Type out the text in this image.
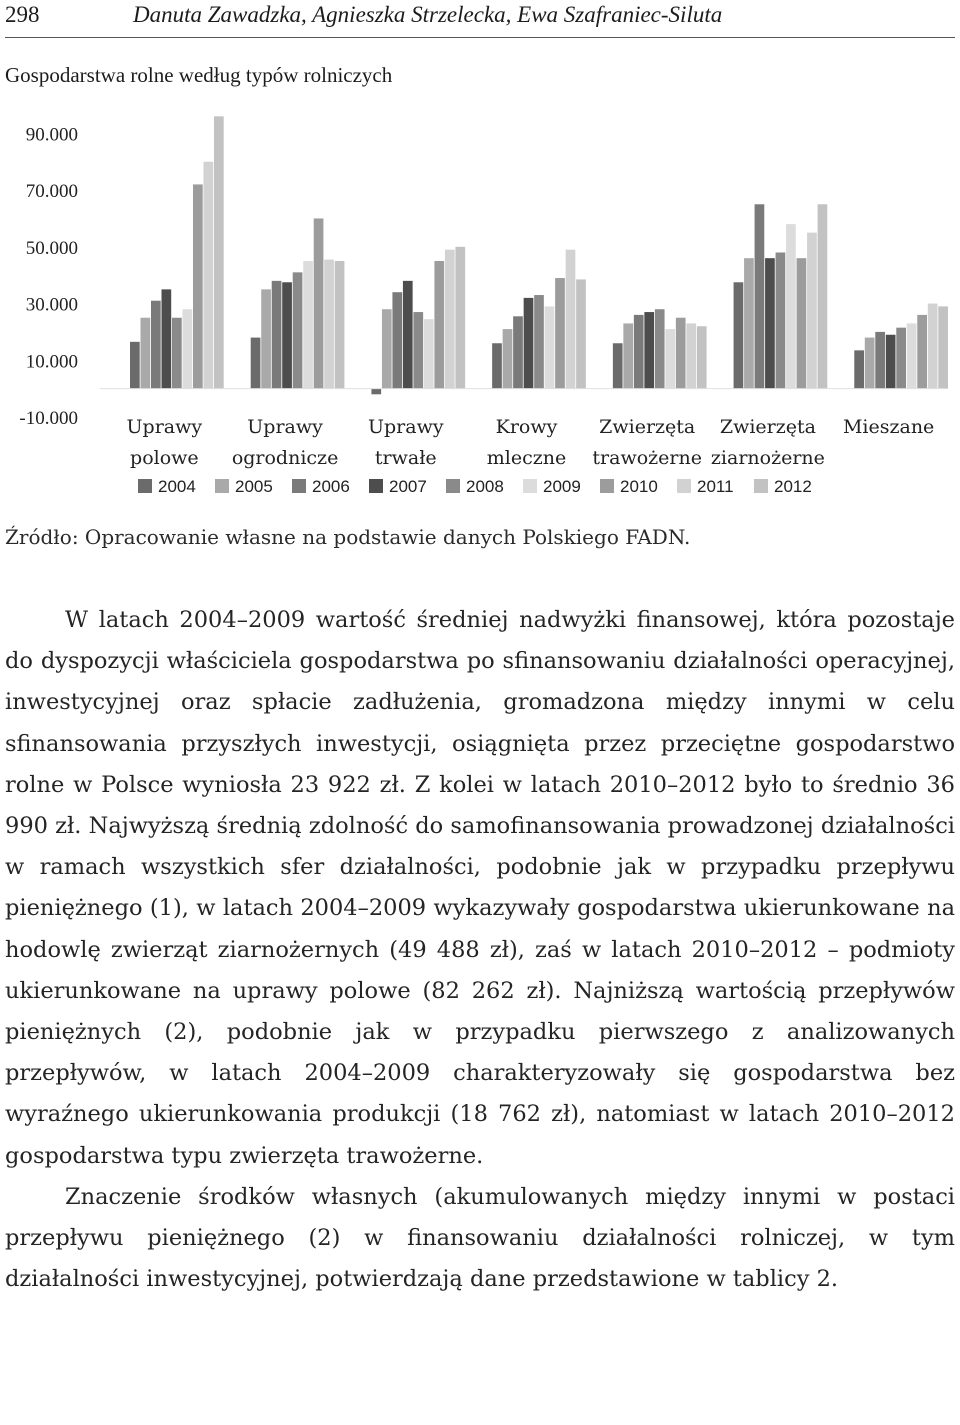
298	Danuta Zawadzka, Agnieszka Strzelecka, Ewa Szafraniec-Siluta
Gospodarstwa rolne według typów rolniczych
90.000
70.000
50.000
30.000
10.000
-10.000	Uprawy
polowe
Uprawy
ogrodnicze
Uprawy
trwałe
Krowy
mleczne
Zwierzęta
trawożerne
Zwierzęta
ziarnożerne
Mieszane
2004 2005 2006 2007 2008 2009 2010 2011 2012
Źródło: Opracowanie własne na podstawie danych Polskiego FADN.

W latach 2004–2009 wartość średniej nadwyżki finansowej, która pozostaje do dyspozycji właściciela gospodarstwa po sfinansowaniu działalności operacyjnej, inwestycyjnej oraz spłacie zadłużenia, gromadzona między innymi w celu sfinansowania przyszłych inwestycji, osiągnięta przez przeciętne gospodarstwo rolne w Polsce wyniosła 23 922 zł. Z kolei w latach 2010–2012 było to średnio 36 990 zł. Najwyższą średnią zdolność do samofinansowania prowadzonej działalności w ramach wszystkich sfer działalności, podobnie jak w przypadku przepływu pieniężnego (1), w latach 2004–2009 wykazywały gospodarstwa ukierunkowane na hodowlę zwierząt ziarnożernych (49 488 zł), zaś w latach 2010–2012 – podmioty ukierunkowane na uprawy polowe (82 262 zł). Najniższą wartością przepływów pieniężnych (2), podobnie jak w przypadku pierwszego z analizowanych przepływów, w latach 2004–2009 charakteryzowały się gospodarstwa bez wyraźnego ukierunkowania produkcji (18 762 zł), natomiast w latach 2010–2012 gospodarstwa typu zwierzęta trawożerne.

Znaczenie środków własnych (akumulowanych między innymi w postaci przepływu pieniężnego (2) w finansowaniu działalności rolniczej, w tym działalności inwestycyjnej, potwierdzają dane przedstawione w tablicy 2.
